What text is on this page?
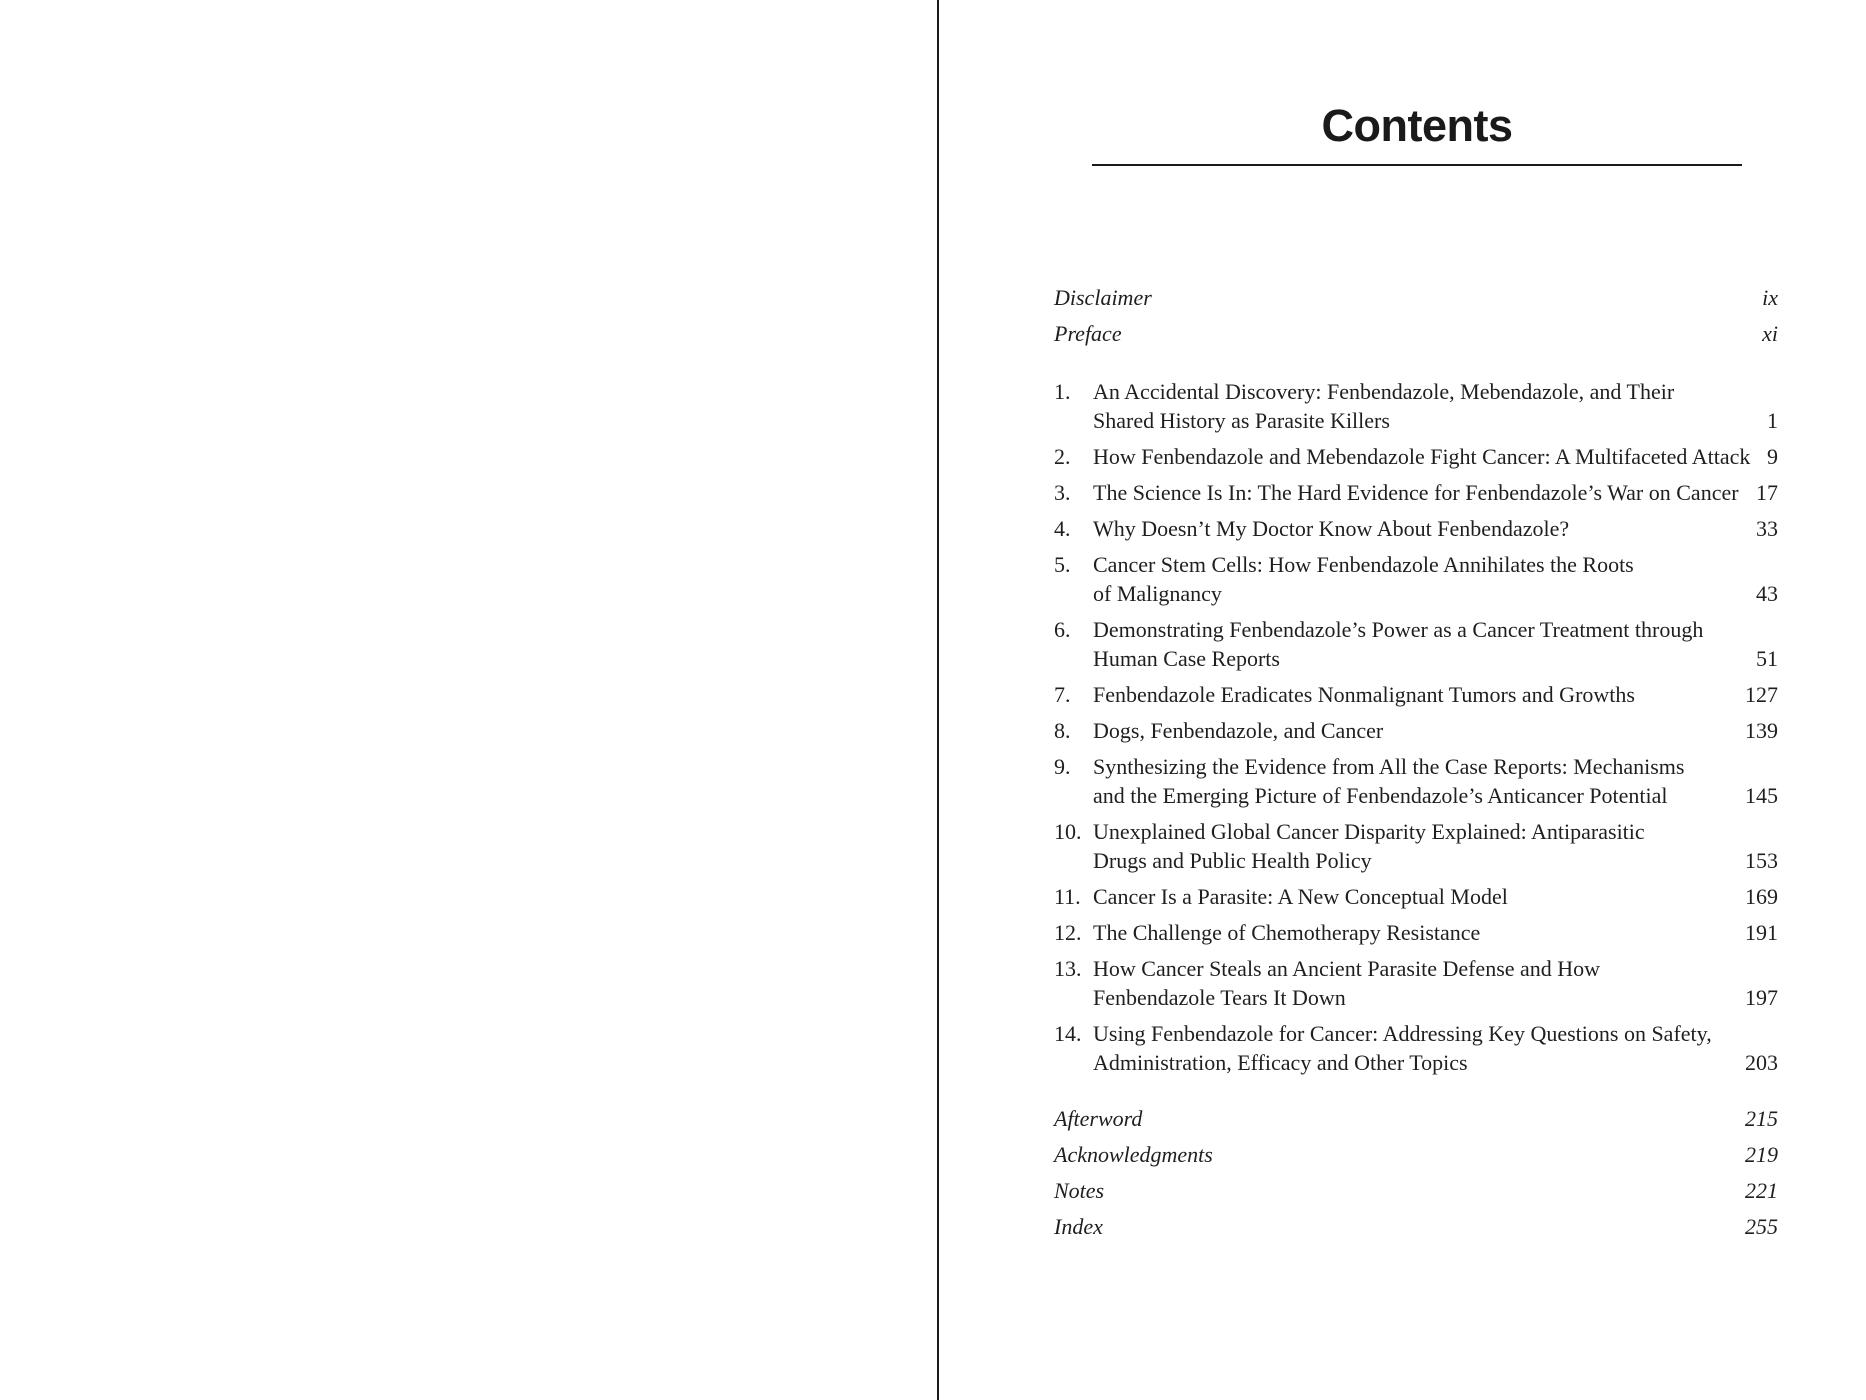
Contents
Disclaimer	ix
Preface	xi
1.	An Accidental Discovery: Fenbendazole, Mebendazole, and Their
Shared History as Parasite Killers	1
2.	How Fenbendazole and Mebendazole Fight Cancer: A Multifaceted Attack 9
3.	The Science Is In: The Hard Evidence for Fenbendazole’s War on Cancer 17
4.	Why Doesn’t My Doctor Know About Fenbendazole?	33
5.	Cancer Stem Cells: How Fenbendazole Annihilates the Roots
of Malignancy	43
6.	Demonstrating Fenbendazole’s Power as a Cancer Treatment through
Human Case Reports	51
7.	Fenbendazole Eradicates Nonmalignant Tumors and Growths	127
8.	Dogs, Fenbendazole, and Cancer	139
9.	Synthesizing the Evidence from All the Case Reports: Mechanisms
and the Emerging Picture of Fenbendazole’s Anticancer Potential	145
10. Unexplained Global Cancer Disparity Explained: Antiparasitic
Drugs and Public Health Policy	153
11. Cancer Is a Parasite: A New Conceptual Model	169
12. The Challenge of Chemotherapy Resistance	191
13. How Cancer Steals an Ancient Parasite Defense and How
Fenbendazole Tears It Down	197
14. Using Fenbendazole for Cancer: Addressing Key Questions on Safety,
Administration, Efficacy and Other Topics	203
Afterword	215
Acknowledgments	219
Notes	221
Index	255
